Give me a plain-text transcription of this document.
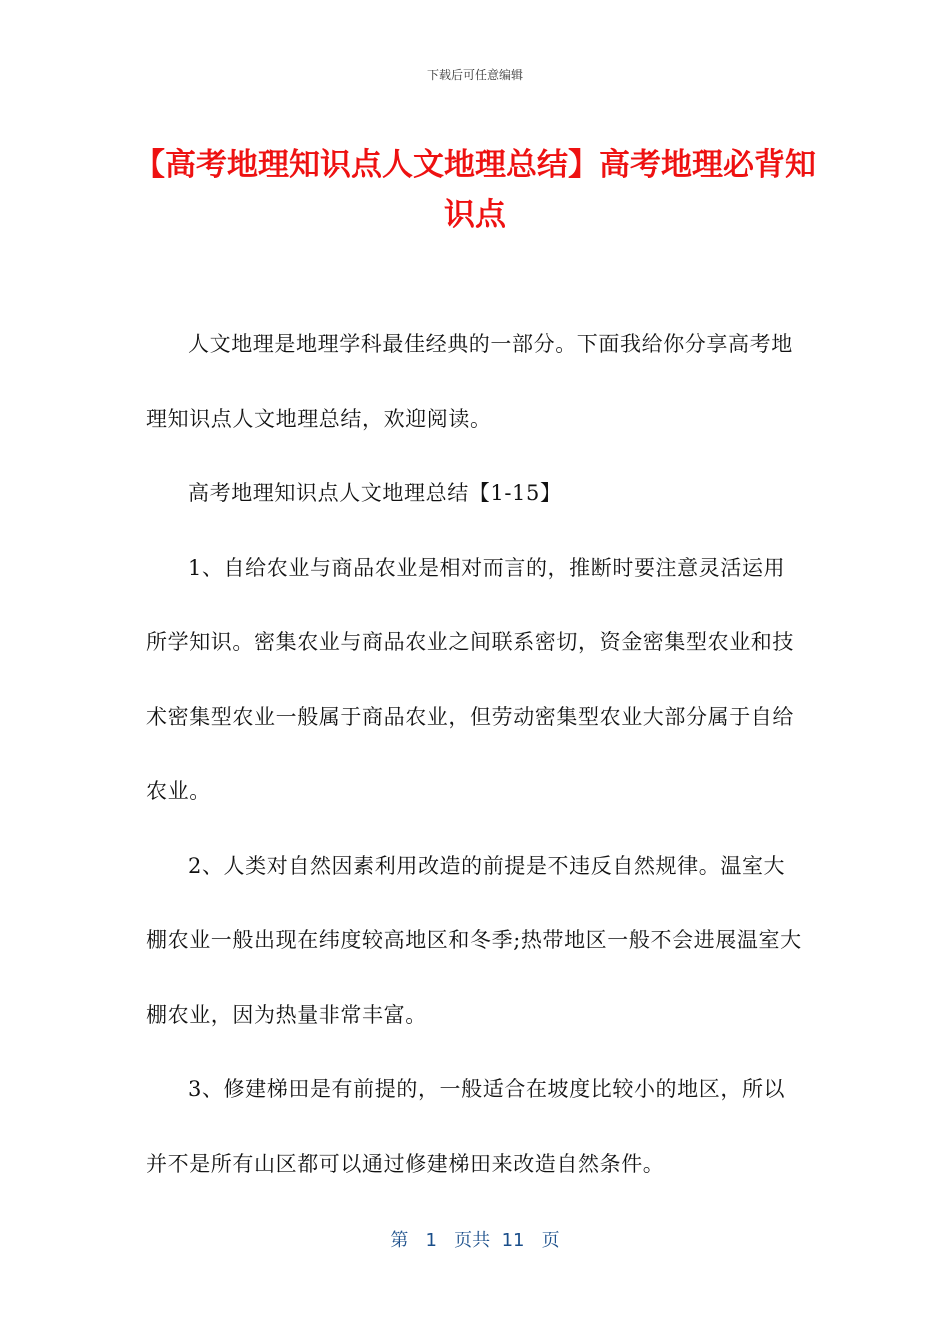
下载后可任意编辑
【高考地理知识点人文地理总结】高考地理必背知识点

人文地理是地理学科最佳经典的一部分。下面我给你分享高考地理知识点人文地理总结，欢迎阅读。

高考地理知识点人文地理总结【1-15】

1、自给农业与商品农业是相对而言的，推断时要注意灵活运用所学知识。密集农业与商品农业之间联系密切，资金密集型农业和技术密集型农业一般属于商品农业，但劳动密集型农业大部分属于自给农业。

2、人类对自然因素利用改造的前提是不违反自然规律。温室大棚农业一般出现在纬度较高地区和冬季;热带地区一般不会进展温室大棚农业，因为热量非常丰富。

3、修建梯田是有前提的，一般适合在坡度比较小的地区，所以并不是所有山区都可以通过修建梯田来改造自然条件。

第 1 页共 11 页
